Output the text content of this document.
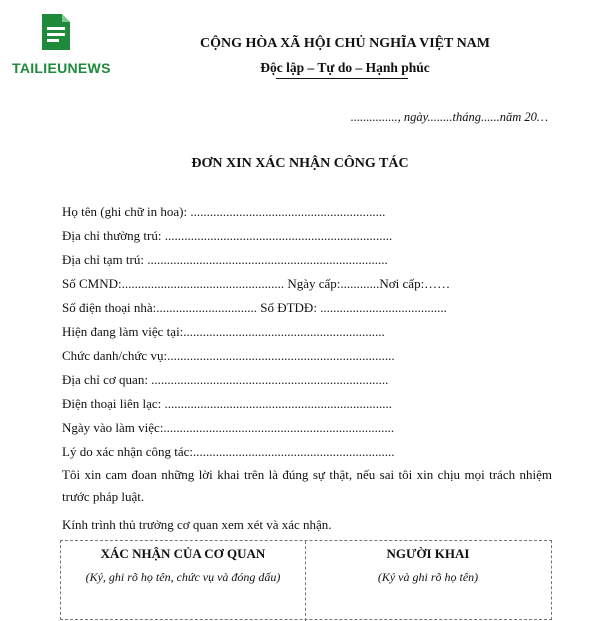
TAILIEUNEWS
CỘNG HÒA XÃ HỘI CHỦ NGHĨA VIỆT NAM
Độc lập – Tự do – Hạnh phúc
..............., ngày........tháng......năm 20…
ĐƠN XIN XÁC NHẬN CÔNG TÁC
Họ tên (ghi chữ in hoa): ............................................................
Địa chỉ thường trú: ......................................................................
Địa chỉ tạm trú: ..........................................................................
Số CMND:.................................................. Ngày cấp:............Nơi cấp:……
Số điện thoại nhà:............................... Số ĐTDĐ: .......................................
Hiện đang làm việc tại:..............................................................
Chức danh/chức vụ:......................................................................
Địa chỉ cơ quan: .........................................................................
Điện thoại liên lạc: ......................................................................
Ngày vào làm việc:.......................................................................
Lý do xác nhận công tác:..............................................................
Tôi xin cam đoan những lời khai trên là đúng sự thật, nếu sai tôi xin chịu mọi trách nhiệm trước pháp luật.
Kính trình thủ trưởng cơ quan xem xét và xác nhận.
XÁC NHẬN CỦA CƠ QUAN
(Ký, ghi rõ họ tên, chức vụ và đóng dấu)
NGƯỜI KHAI
(Ký và ghi rõ họ tên)
